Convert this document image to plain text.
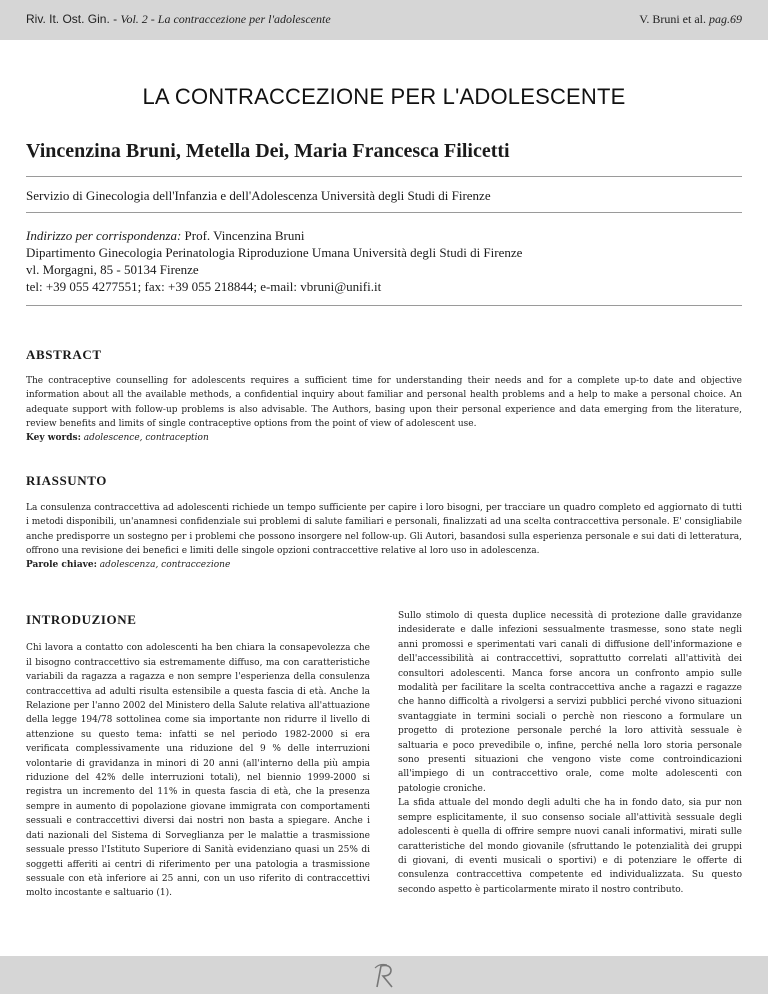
Riv. It. Ost. Gin. - Vol. 2 - La contraccezione per l'adolescente	V. Bruni et al. pag.69
LA CONTRACCEZIONE PER L'ADOLESCENTE
Vincenzina Bruni, Metella Dei, Maria Francesca Filicetti
Servizio di Ginecologia dell'Infanzia e dell'Adolescenza Università degli Studi di Firenze
Indirizzo per corrispondenza: Prof. Vincenzina Bruni
Dipartimento Ginecologia Perinatologia Riproduzione Umana Università degli Studi di Firenze
vl. Morgagni, 85 - 50134 Firenze
tel: +39 055 4277551; fax: +39 055 218844; e-mail: vbruni@unifi.it
ABSTRACT
The contraceptive counselling for adolescents requires a sufficient time for understanding their needs and for a complete up-to date and objective information about all the available methods, a confidential inquiry about familiar and personal health problems and a help to make a personal choice. An adequate support with follow-up problems is also advisable. The Authors, basing upon their personal experience and data emerging from the literature, review benefits and limits of single contraceptive options from the point of view of adolescent use.
Key words: adolescence, contraception
RIASSUNTO
La consulenza contraccettiva ad adolescenti richiede un tempo sufficiente per capire i loro bisogni, per tracciare un quadro completo ed aggiornato di tutti i metodi disponibili, un'anamnesi confidenziale sui problemi di salute familiari e personali, finalizzati ad una scelta contraccettiva personale. E' consigliabile anche predisporre un sostegno per i problemi che possono insorgere nel follow-up. Gli Autori, basandosi sulla esperienza personale e sui dati di letteratura, offrono una revisione dei benefici e limiti delle singole opzioni contraccettive relative al loro uso in adolescenza.
Parole chiave: adolescenza, contraccezione
INTRODUZIONE
Chi lavora a contatto con adolescenti ha ben chiara la consapevolezza che il bisogno contraccettivo sia estremamente diffuso, ma con caratteristiche variabili da ragazza a ragazza e non sempre l'esperienza della consulenza contraccettiva ad adulti risulta estensibile a questa fascia di età. Anche la Relazione per l'anno 2002 del Ministero della Salute relativa all'attuazione della legge 194/78 sottolinea come sia importante non ridurre il livello di attenzione su questo tema: infatti se nel periodo 1982-2000 si era verificata complessivamente una riduzione del 9 % delle interruzioni volontarie di gravidanza in minori di 20 anni (all'interno della più ampia riduzione del 42% delle interruzioni totali), nel biennio 1999-2000 si registra un incremento del 11% in questa fascia di età, che la presenza sempre in aumento di popolazione giovane immigrata con comportamenti sessuali e contraccettivi diversi dai nostri non basta a spiegare. Anche i dati nazionali del Sistema di Sorveglianza per le malattie a trasmissione sessuale presso l'Istituto Superiore di Sanità evidenziano quasi un 25% di soggetti afferiti ai centri di riferimento per una patologia a trasmissione sessuale con età inferiore ai 25 anni, con un uso riferito di contraccettivi molto incostante e saltuario (1).
Sullo stimolo di questa duplice necessità di protezione dalle gravidanze indesiderate e dalle infezioni sessualmente trasmesse, sono state negli anni promossi e sperimentati vari canali di diffusione dell'informazione e dell'accessibilità ai contraccettivi, soprattutto correlati all'attività dei consultori adolescenti. Manca forse ancora un confronto ampio sulle modalità per facilitare la scelta contraccettiva anche a ragazzi e ragazze che hanno difficoltà a rivolgersi a servizi pubblici perché vivono situazioni svantaggiate in termini sociali o perchè non riescono a formulare un progetto di protezione personale perché la loro attività sessuale è saltuaria e poco prevedibile o, infine, perché nella loro storia personale sono presenti situazioni che vengono viste come controindicazioni all'impiego di un contraccettivo orale, come molte adolescenti con patologie croniche.
La sfida attuale del mondo degli adulti che ha in fondo dato, sia pur non sempre esplicitamente, il suo consenso sociale all'attività sessuale degli adolescenti è quella di offrire sempre nuovi canali informativi, mirati sulle caratteristiche del mondo giovanile (sfruttando le potenzialità dei gruppi di giovani, di eventi musicali o sportivi) e di potenziare le offerte di consulenza contraccettiva competente ed individualizzata. Su questo secondo aspetto è particolarmente mirato il nostro contributo.
